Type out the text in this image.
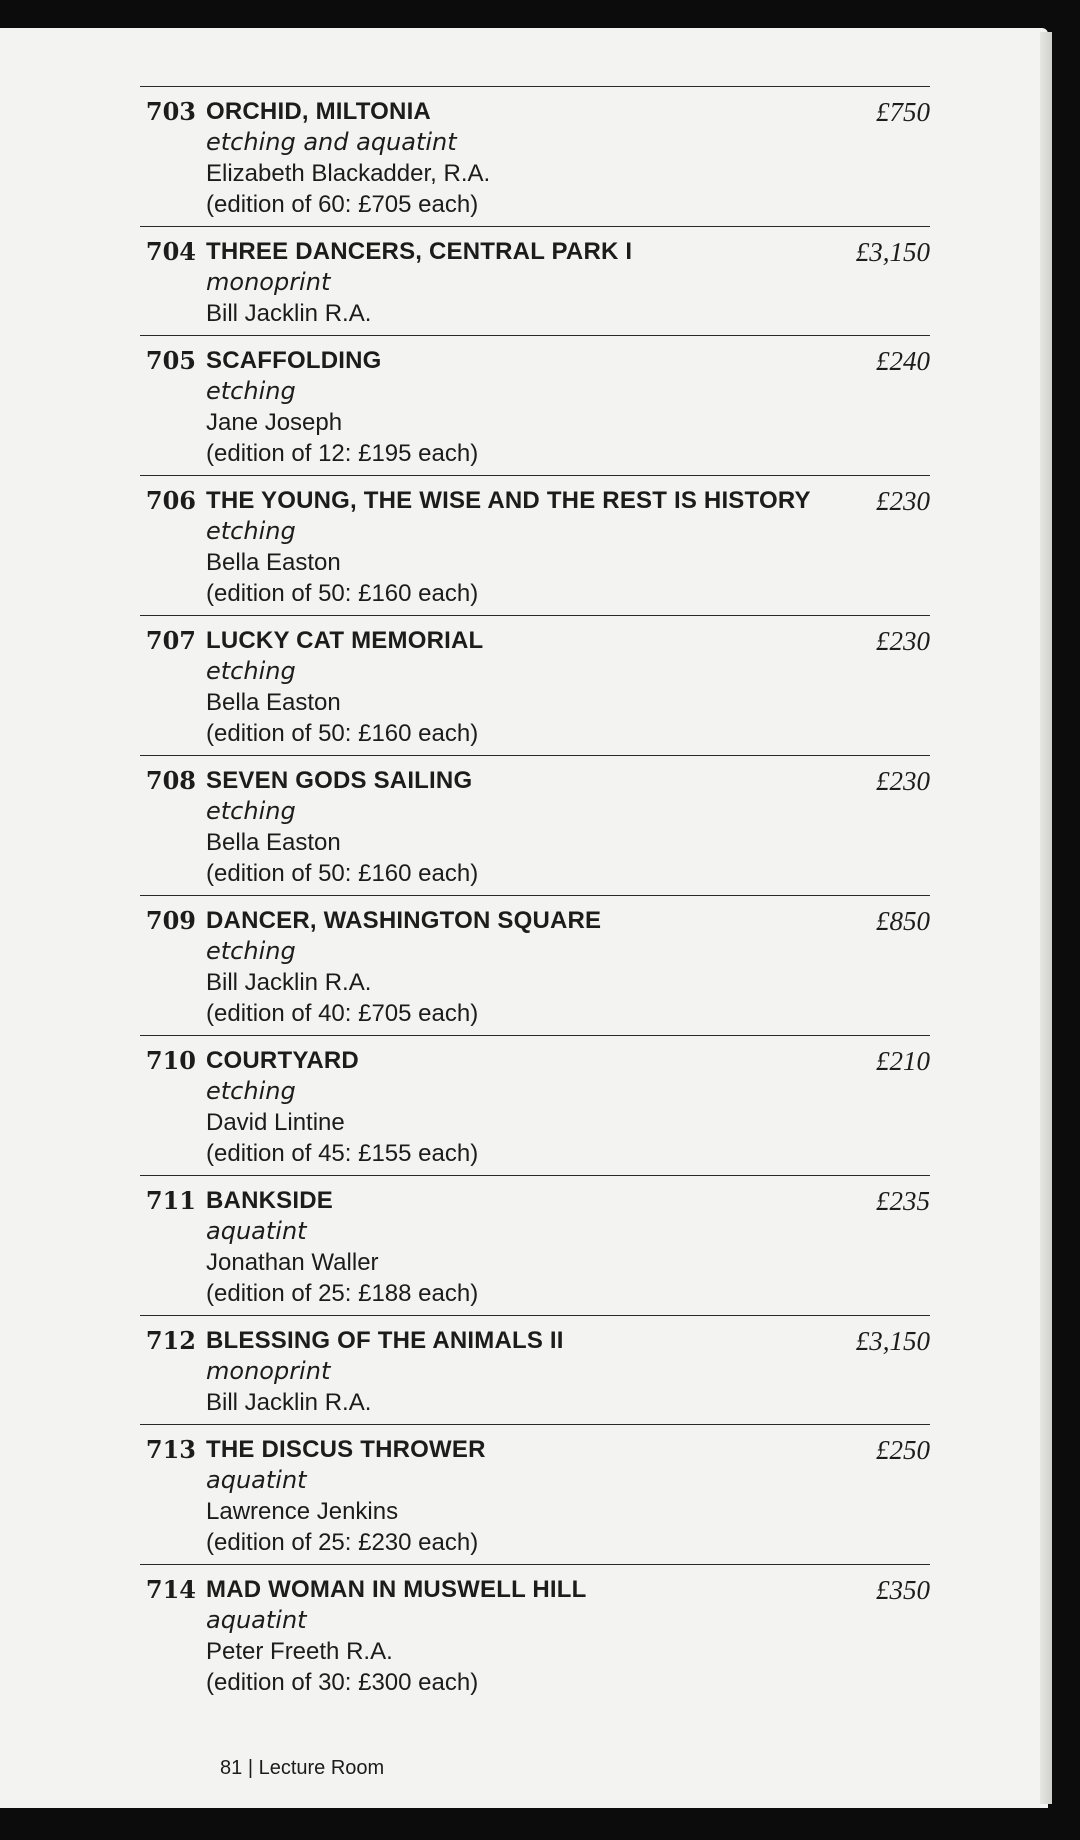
703	£750
ORCHID, MILTONIA
etching and aquatint
Elizabeth Blackadder, R.A.
(edition of 60: £705 each)
704	£3,150
THREE DANCERS, CENTRAL PARK I
monoprint
Bill Jacklin R.A.
705	£240
SCAFFOLDING
etching
Jane Joseph
(edition of 12: £195 each)
706	£230
THE YOUNG, THE WISE AND THE REST IS HISTORY
etching
Bella Easton
(edition of 50: £160 each)
707	£230
LUCKY CAT MEMORIAL
etching
Bella Easton
(edition of 50: £160 each)
708	£230
SEVEN GODS SAILING
etching
Bella Easton
(edition of 50: £160 each)
709	£850
DANCER, WASHINGTON SQUARE
etching
Bill Jacklin R.A.
(edition of 40: £705 each)
710	£210
COURTYARD
etching
David Lintine
(edition of 45: £155 each)
711	£235
BANKSIDE
aquatint
Jonathan Waller
(edition of 25: £188 each)
712	£3,150
BLESSING OF THE ANIMALS II
monoprint
Bill Jacklin R.A.
713	£250
THE DISCUS THROWER
aquatint
Lawrence Jenkins
(edition of 25: £230 each)
714	£350
MAD WOMAN IN MUSWELL HILL
aquatint
Peter Freeth R.A.
(edition of 30: £300 each)
81 | Lecture Room
